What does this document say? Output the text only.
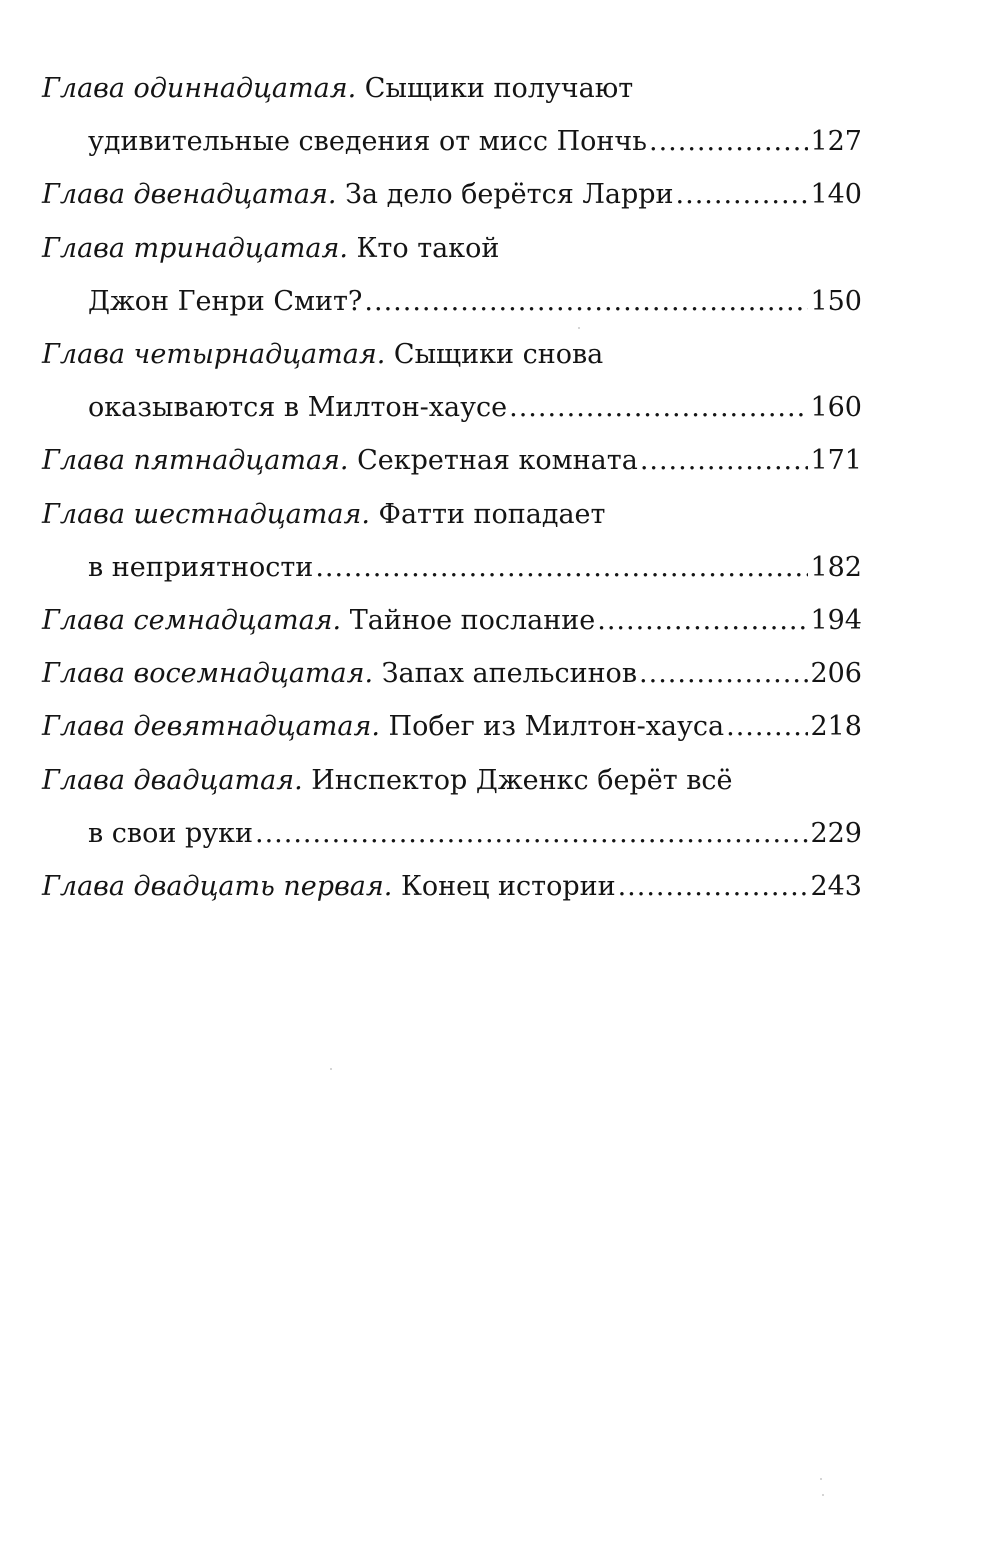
Глава одиннадцатая.
Сыщики получают
удивительные сведения от мисс Пончь .....	127
Глава двенадцатая.
За дело берётся Ларри .....	140
Глава тринадцатая.
Кто такой
Джон Генри Смит? .....	150
Глава четырнадцатая.
Сыщики снова
оказываются в Милтон-хаусе .....	160
Глава пятнадцатая.
Секретная комната .....	171
Глава шестнадцатая.
Фатти попадает
в неприятности .....	182
Глава семнадцатая.
Тайное послание .....	194
Глава восемнадцатая.
Запах апельсинов .....	206
Глава девятнадцатая.
Побег из Милтон-хауса .....	218
Глава двадцатая.
Инспектор Дженкс берёт всё
в свои руки .....	229
Глава двадцать первая.
Конец истории .....	243
